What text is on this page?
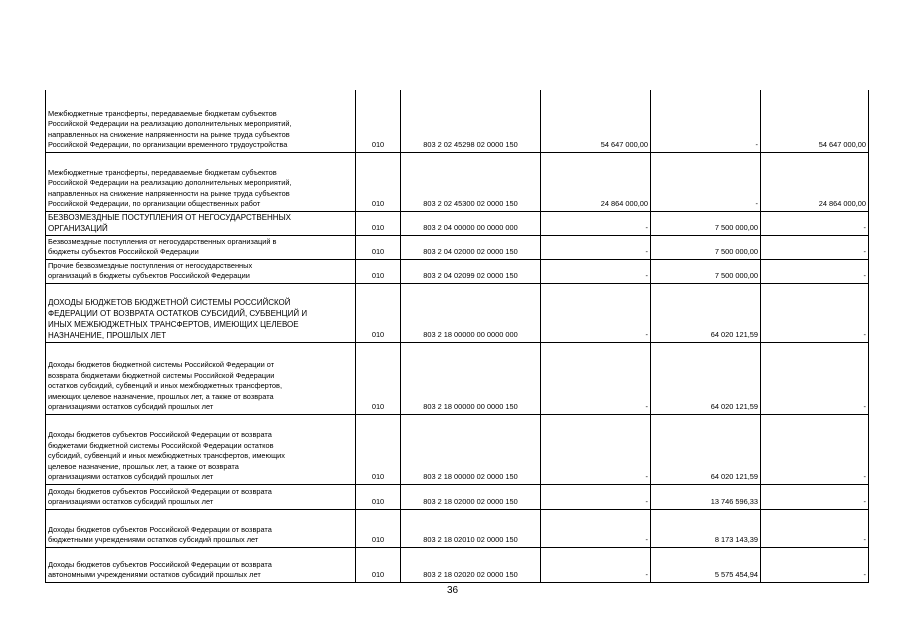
Межбюджетные трансферты, передаваемые бюджетам субъектов
Российской Федерации на реализацию дополнительных мероприятий,
направленных на снижение напряженности на рынке труда субъектов
Российской Федерации, по организации временного трудоустройства	010	803 2 02 45298 02 0000 150	54 647 000,00	-	54 647 000,00
Межбюджетные трансферты, передаваемые бюджетам субъектов
Российской Федерации на реализацию дополнительных мероприятий,
направленных на снижение напряженности на рынке труда субъектов
Российской Федерации, по организации общественных работ	010	803 2 02 45300 02 0000 150	24 864 000,00	-	24 864 000,00
БЕЗВОЗМЕЗДНЫЕ ПОСТУПЛЕНИЯ ОТ НЕГОСУДАРСТВЕННЫХ
ОРГАНИЗАЦИЙ	010	803 2 04 00000 00 0000 000	-	7 500 000,00	-
Безвозмездные поступления от негосударственных организаций в
бюджеты субъектов Российской Федерации	010	803 2 04 02000 02 0000 150	-	7 500 000,00	-
Прочие безвозмездные поступления от негосударственных
организаций в бюджеты субъектов Российской Федерации	010	803 2 04 02099 02 0000 150	-	7 500 000,00	-
ДОХОДЫ БЮДЖЕТОВ БЮДЖЕТНОЙ СИСТЕМЫ РОССИЙСКОЙ
ФЕДЕРАЦИИ ОТ ВОЗВРАТА ОСТАТКОВ СУБСИДИЙ, СУБВЕНЦИЙ И
ИНЫХ МЕЖБЮДЖЕТНЫХ ТРАНСФЕРТОВ, ИМЕЮЩИХ ЦЕЛЕВОЕ
НАЗНАЧЕНИЕ, ПРОШЛЫХ ЛЕТ	010	803 2 18 00000 00 0000 000	-	64 020 121,59	-
Доходы бюджетов бюджетной системы Российской Федерации от
возврата бюджетами бюджетной системы Российской Федерации
остатков субсидий, субвенций и иных межбюджетных трансфертов,
имеющих целевое назначение, прошлых лет, а также от возврата
организациями остатков субсидий прошлых лет	010	803 2 18 00000 00 0000 150	-	64 020 121,59	-
Доходы бюджетов субъектов Российской Федерации от возврата
бюджетами бюджетной системы Российской Федерации остатков
субсидий, субвенций и иных межбюджетных трансфертов, имеющих
целевое назначение, прошлых лет, а также от возврата
организациями остатков субсидий прошлых лет	010	803 2 18 00000 02 0000 150	-	64 020 121,59	-
Доходы бюджетов субъектов Российской Федерации от возврата
организациями остатков субсидий прошлых лет	010	803 2 18 02000 02 0000 150	-	13 746 596,33	-
Доходы бюджетов субъектов Российской Федерации от возврата
бюджетными учреждениями остатков субсидий прошлых лет	010	803 2 18 02010 02 0000 150	-	8 173 143,39	-
Доходы бюджетов субъектов Российской Федерации от возврата
автономными учреждениями остатков субсидий прошлых лет	010	803 2 18 02020 02 0000 150	-	5 575 454,94	-
36
